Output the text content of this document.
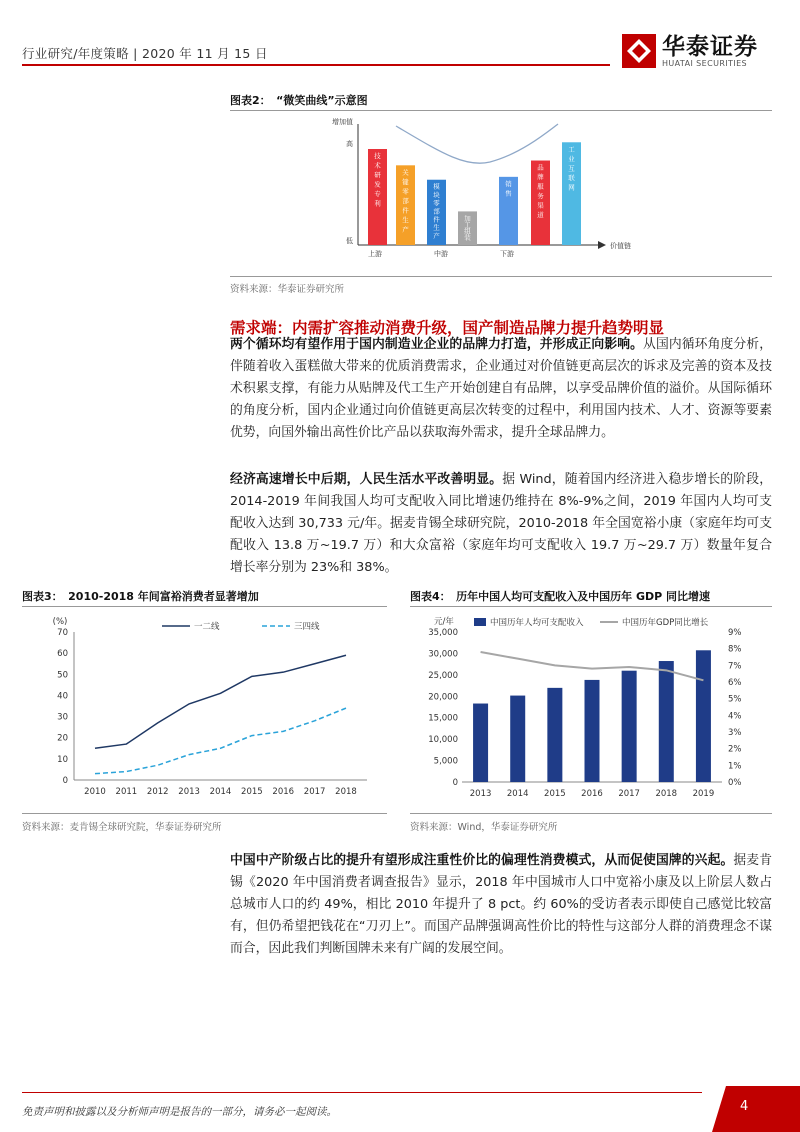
行业研究/年度策略 | 2020 年 11 月 15 日	华泰证券
HUATAI SECURITIES
图表2：　“微笑曲线”示意图
增加值
高
低
价值链
上游	中游	下游
技术研发专利
关键零部件生产
模块零部件生产
加工组装
销售
品牌服务渠道
工业互联网
资料来源：华泰证券研究所
需求端：内需扩容推动消费升级，国产制造品牌力提升趋势明显
两个循环均有望作用于国内制造业企业的品牌力打造，并形成正向影响。从国内循环角度分析，伴随着收入蛋糕做大带来的优质消费需求，企业通过对价值链更高层次的诉求及完善的资本及技术积累支撑，有能力从贴牌及代工生产开始创建自有品牌，以享受品牌价值的溢价。从国际循环的角度分析，国内企业通过向价值链更高层次转变的过程中，利用国内技术、人才、资源等要素优势，向国外输出高性价比产品以获取海外需求，提升全球品牌力。
经济高速增长中后期，人民生活水平改善明显。据 Wind，随着国内经济进入稳步增长的阶段，2014-2019 年间我国人均可支配收入同比增速仍维持在 8%-9%之间，2019 年国内人均可支配收入达到 30,733 元/年。据麦肯锡全球研究院，2010-2018 年全国宽裕小康（家庭年均可支配收入 13.8 万~19.7 万）和大众富裕（家庭年均可支配收入 19.7 万~29.7 万）数量年复合增长率分别为 23%和 38%。
图表3：　2010-2018 年间富裕消费者显著增加
(%)
0
10
20
30
40
50
60
70
2010 2011 2012 2013 2014 2015 2016 2017 2018
一二线	三四线
资料来源：麦肯锡全球研究院，华泰证券研究所
图表4：　历年中国人均可支配收入及中国历年 GDP 同比增速
元/年
0
5,000
10,000
15,000
20,000
25,000
30,000
35,000
0%
1%
2%
3%
4%
5%
6%
7%
8%
9%
2013 2014 2015 2016 2017 2018 2019
中国历年人均可支配收入	中国历年GDP同比增长
资料来源：Wind，华泰证券研究所
中国中产阶级占比的提升有望形成注重性价比的偏理性消费模式，从而促使国牌的兴起。据麦肯锡《2020 年中国消费者调查报告》显示，2018 年中国城市人口中宽裕小康及以上阶层人数占总城市人口的约 49%，相比 2010 年提升了 8 pct。约 60%的受访者表示即使自己感觉比较富有，但仍希望把钱花在“刀刃上”。而国产品牌强调高性价比的特性与这部分人群的消费理念不谋而合，因此我们判断国牌未来有广阔的发展空间。
免责声明和披露以及分析师声明是报告的一部分，请务必一起阅读。	4
